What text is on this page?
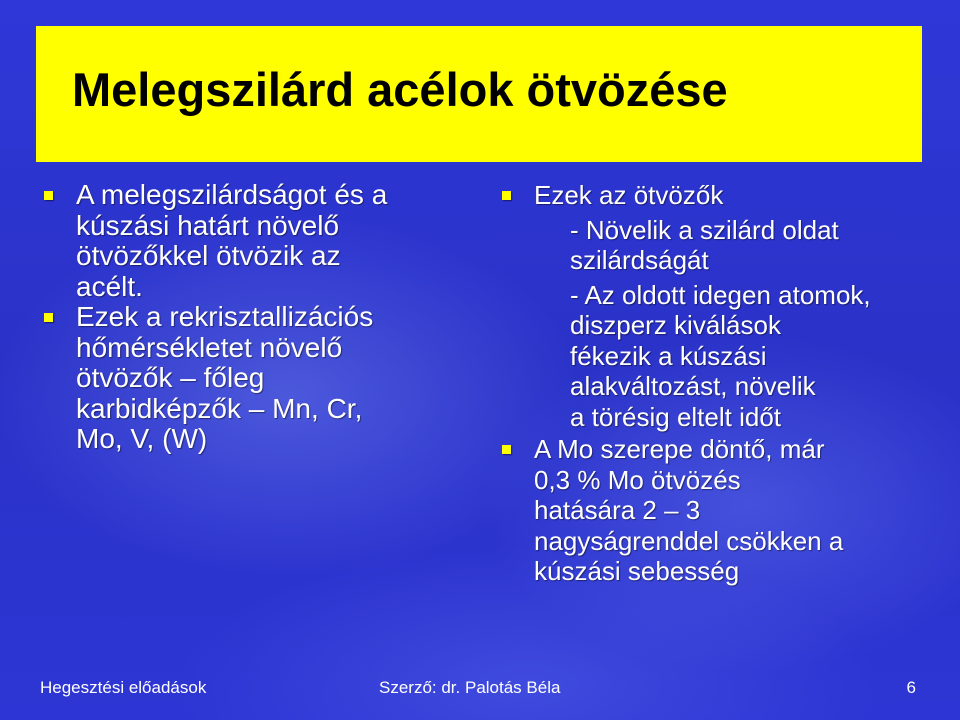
Melegszilárd acélok ötvözése
A melegszilárdságot és a
kúszási határt növelő
ötvözőkkel ötvözik az
acélt.
Ezek a rekrisztallizációs
hőmérsékletet növelő
ötvözők – főleg
karbidképzők – Mn, Cr,
Mo, V, (W)
Ezek az ötvözők
- Növelik a szilárd oldat
szilárdságát
- Az oldott idegen atomok,
diszperz kiválások
fékezik a kúszási
alakváltozást, növelik
a törésig eltelt időt
A Mo szerepe döntő, már
0,3 % Mo ötvözés
hatására 2 – 3
nagyságrenddel csökken a
kúszási sebesség
Hegesztési előadások	Szerző: dr. Palotás Béla	6
